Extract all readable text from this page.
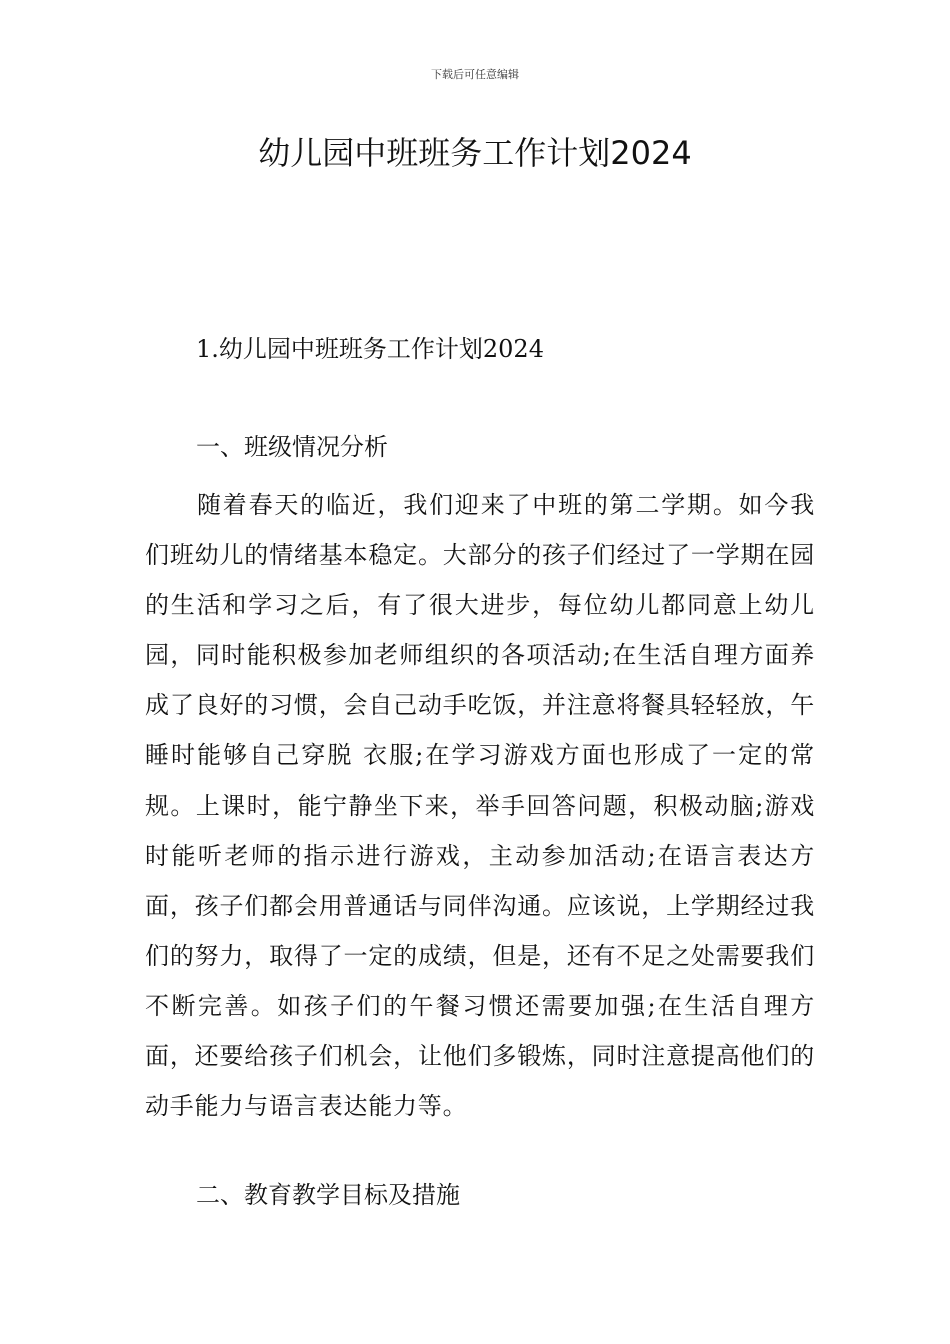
下载后可任意编辑
幼儿园中班班务工作计划2024

1.幼儿园中班班务工作计划2024

一、班级情况分析

随着春天的临近，我们迎来了中班的第二学期。如今我们班幼儿的情绪基本稳定。大部分的孩子们经过了一学期在园的生活和学习之后，有了很大进步，每位幼儿都同意上幼儿园，同时能积极参加老师组织的各项活动;在生活自理方面养成了良好的习惯，会自己动手吃饭，并注意将餐具轻轻放，午睡时能够自己穿脱 衣服;在学习游戏方面也形成了一定的常规。上课时，能宁静坐下来，举手回答问题，积极动脑;游戏时能听老师的指示进行游戏，主动参加活动;在语言表达方面，孩子们都会用普通话与同伴沟通。应该说，上学期经过我们的努力，取得了一定的成绩，但是，还有不足之处需要我们不断完善。如孩子们的午餐习惯还需要加强;在生活自理方面，还要给孩子们机会，让他们多锻炼，同时注意提高他们的动手能力与语言表达能力等。

二、教育教学目标及措施
